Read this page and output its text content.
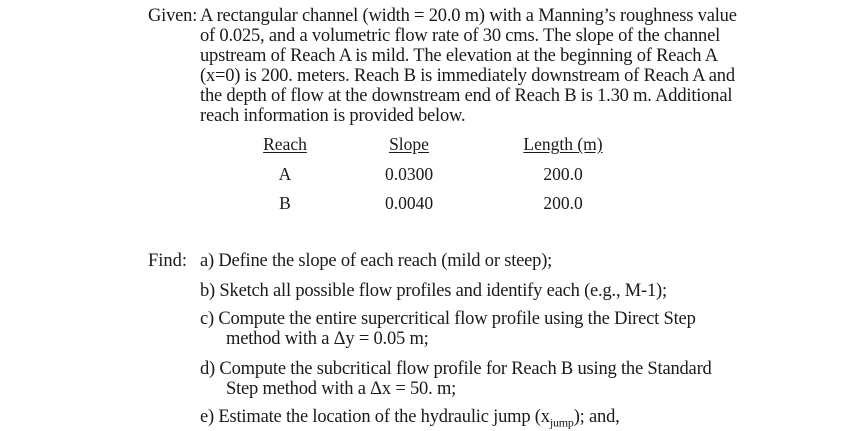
Given: A rectangular channel (width = 20.0 m) with a Manning’s roughness value
of 0.025, and a volumetric flow rate of 30 cms. The slope of the channel
upstream of Reach A is mild. The elevation at the beginning of Reach A
(x=0) is 200. meters. Reach B is immediately downstream of Reach A and
the depth of flow at the downstream end of Reach B is 1.30 m. Additional
reach information is provided below.
Reach	Slope	Length (m)
A	0.0300	200.0
B	0.0040	200.0
Find: a) Define the slope of each reach (mild or steep);
b) Sketch all possible flow profiles and identify each (e.g., M-1);
c) Compute the entire supercritical flow profile using the Direct Step
method with a Δy = 0.05 m;
d) Compute the subcritical flow profile for Reach B using the Standard
Step method with a Δx = 50. m;
e) Estimate the location of the hydraulic jump $(x_{jump})$; and,
